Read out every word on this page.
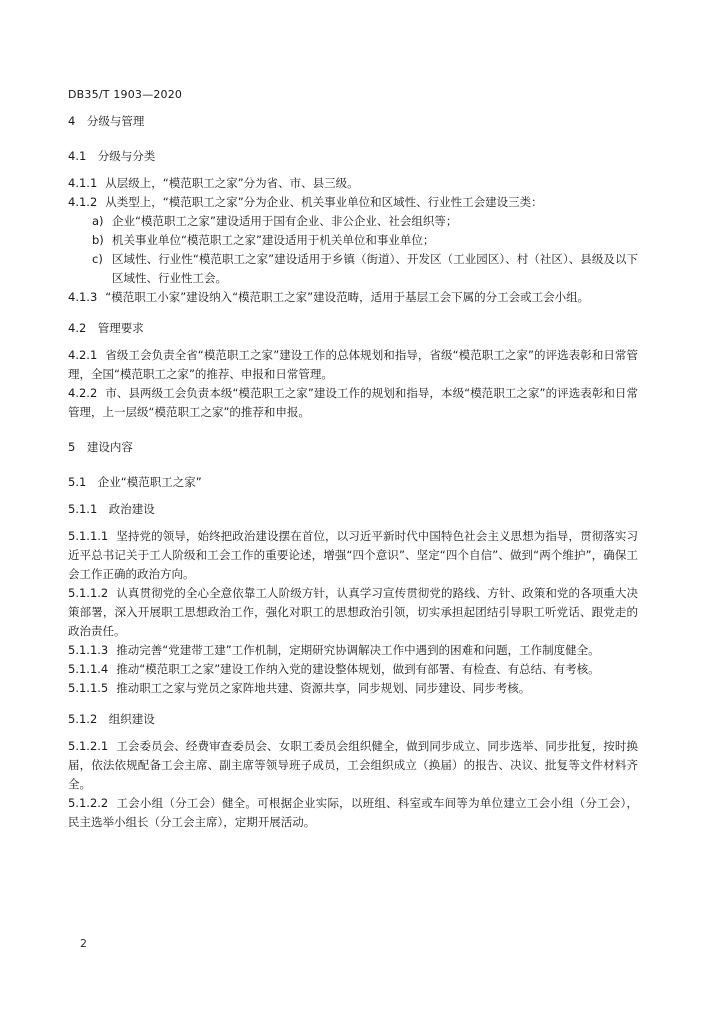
DB35/T 1903—2020

4　分级与管理

4.1　分级与分类

4.1.1 从层级上，“模范职工之家”分为省、市、县三级。

4.1.2 从类型上，“模范职工之家”分为企业、机关事业单位和区域性、行业性工会建设三类：

a) 企业“模范职工之家”建设适用于国有企业、非公企业、社会组织等；
b) 机关事业单位“模范职工之家”建设适用于机关单位和事业单位；
c) 区域性、行业性“模范职工之家”建设适用于乡镇（街道）、开发区（工业园区）、村（社区）、县级及以下区域性、行业性工会。

4.1.3 “模范职工小家”建设纳入“模范职工之家”建设范畴，适用于基层工会下属的分工会或工会小组。

4.2　管理要求

4.2.1 省级工会负责全省“模范职工之家”建设工作的总体规划和指导，省级“模范职工之家”的评选表彰和日常管理，全国“模范职工之家”的推荐、申报和日常管理。

4.2.2 市、县两级工会负责本级“模范职工之家”建设工作的规划和指导，本级“模范职工之家”的评选表彰和日常管理，上一层级“模范职工之家”的推荐和申报。

5　建设内容

5.1　企业“模范职工之家”

5.1.1　政治建设

5.1.1.1 坚持党的领导，始终把政治建设摆在首位，以习近平新时代中国特色社会主义思想为指导，贯彻落实习近平总书记关于工人阶级和工会工作的重要论述，增强“四个意识”、坚定“四个自信”、做到“两个维护”，确保工会工作正确的政治方向。

5.1.1.2 认真贯彻党的全心全意依靠工人阶级方针，认真学习宣传贯彻党的路线、方针、政策和党的各项重大决策部署，深入开展职工思想政治工作，强化对职工的思想政治引领，切实承担起团结引导职工听党话、跟党走的政治责任。

5.1.1.3 推动完善“党建带工建”工作机制，定期研究协调解决工作中遇到的困难和问题，工作制度健全。

5.1.1.4 推动“模范职工之家”建设工作纳入党的建设整体规划，做到有部署、有检查、有总结、有考核。

5.1.1.5 推动职工之家与党员之家阵地共建、资源共享，同步规划、同步建设、同步考核。

5.1.2　组织建设

5.1.2.1 工会委员会、经费审查委员会、女职工委员会组织健全，做到同步成立、同步选举、同步批复，按时换届，依法依规配备工会主席、副主席等领导班子成员，工会组织成立（换届）的报告、决议、批复等文件材料齐全。

5.1.2.2 工会小组（分工会）健全。可根据企业实际，以班组、科室或车间等为单位建立工会小组（分工会），民主选举小组长（分工会主席），定期开展活动。

2
